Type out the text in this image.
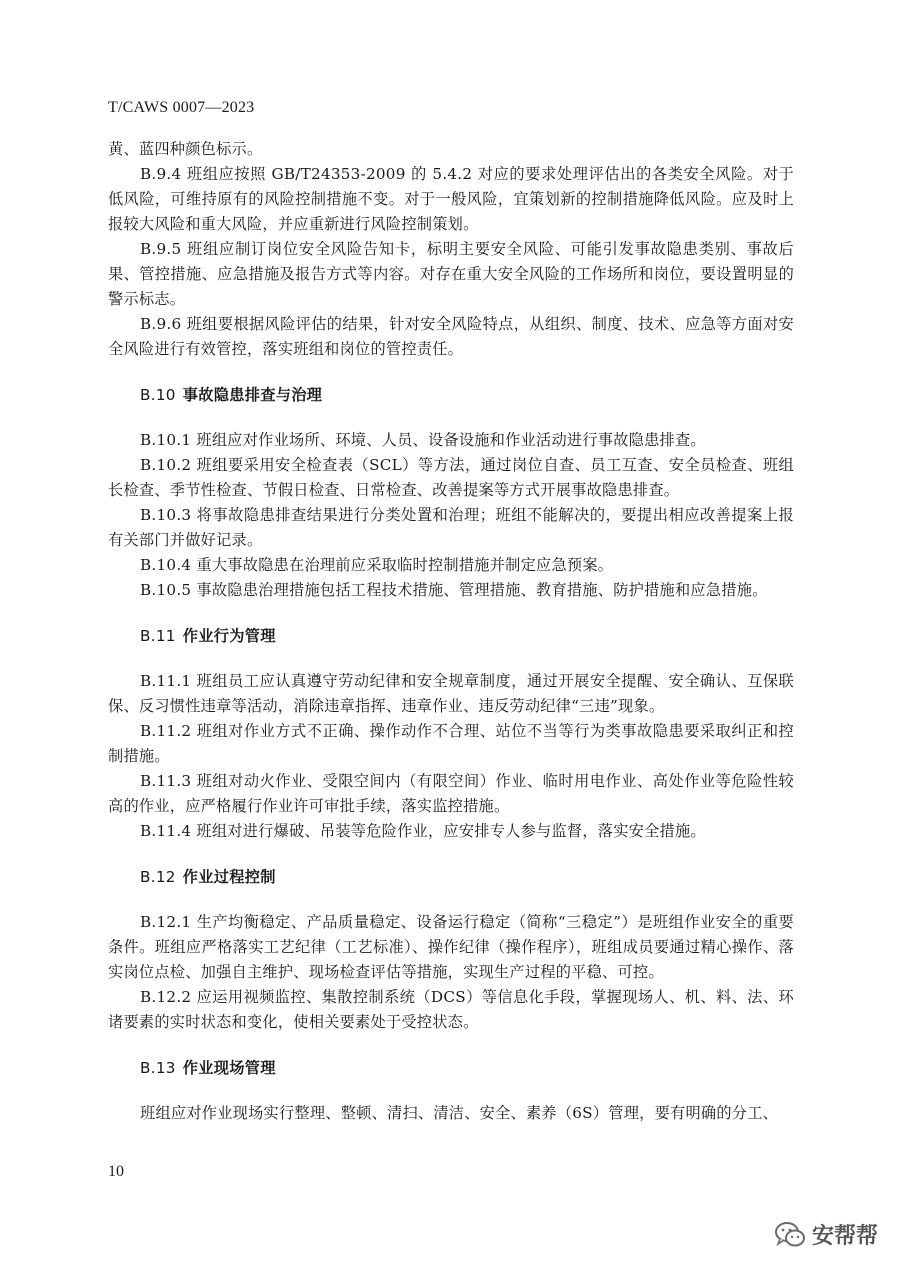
T/CAWS 0007—2023

黄、蓝四种颜色标示。

B.9.4 班组应按照 GB/T24353-2009 的 5.4.2 对应的要求处理评估出的各类安全风险。对于低风险，可维持原有的风险控制措施不变。对于一般风险，宜策划新的控制措施降低风险。应及时上报较大风险和重大风险，并应重新进行风险控制策划。

B.9.5 班组应制订岗位安全风险告知卡，标明主要安全风险、可能引发事故隐患类别、事故后果、管控措施、应急措施及报告方式等内容。对存在重大安全风险的工作场所和岗位，要设置明显的警示标志。

B.9.6 班组要根据风险评估的结果，针对安全风险特点，从组织、制度、技术、应急等方面对安全风险进行有效管控，落实班组和岗位的管控责任。

B.10 事故隐患排查与治理

B.10.1 班组应对作业场所、环境、人员、设备设施和作业活动进行事故隐患排查。

B.10.2 班组要采用安全检查表（SCL）等方法，通过岗位自查、员工互查、安全员检查、班组长检查、季节性检查、节假日检查、日常检查、改善提案等方式开展事故隐患排查。

B.10.3 将事故隐患排查结果进行分类处置和治理；班组不能解决的，要提出相应改善提案上报有关部门并做好记录。

B.10.4 重大事故隐患在治理前应采取临时控制措施并制定应急预案。

B.10.5 事故隐患治理措施包括工程技术措施、管理措施、教育措施、防护措施和应急措施。

B.11 作业行为管理

B.11.1 班组员工应认真遵守劳动纪律和安全规章制度，通过开展安全提醒、安全确认、互保联保、反习惯性违章等活动，消除违章指挥、违章作业、违反劳动纪律“三违”现象。

B.11.2 班组对作业方式不正确、操作动作不合理、站位不当等行为类事故隐患要采取纠正和控制措施。

B.11.3 班组对动火作业、受限空间内（有限空间）作业、临时用电作业、高处作业等危险性较高的作业，应严格履行作业许可审批手续，落实监控措施。

B.11.4 班组对进行爆破、吊装等危险作业，应安排专人参与监督，落实安全措施。

B.12 作业过程控制

B.12.1 生产均衡稳定、产品质量稳定、设备运行稳定（简称“三稳定”）是班组作业安全的重要条件。班组应严格落实工艺纪律（工艺标准）、操作纪律（操作程序），班组成员要通过精心操作、落实岗位点检、加强自主维护、现场检查评估等措施，实现生产过程的平稳、可控。

B.12.2 应运用视频监控、集散控制系统（DCS）等信息化手段，掌握现场人、机、料、法、环诸要素的实时状态和变化，使相关要素处于受控状态。

B.13 作业现场管理

班组应对作业现场实行整理、整顿、清扫、清洁、安全、素养（6S）管理，要有明确的分工、

10
安帮帮
